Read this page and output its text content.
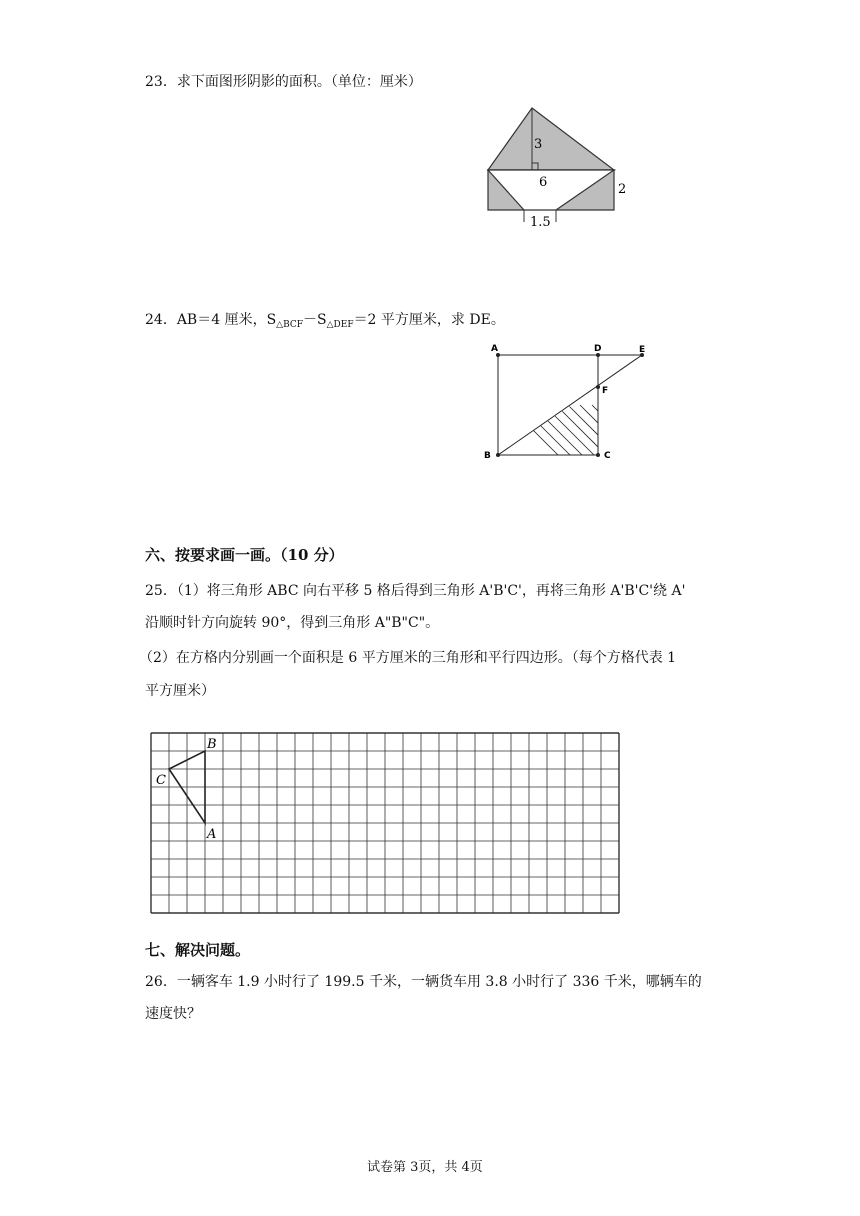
23．求下面图形阴影的面积。（单位：厘米）
3
6	2
1.5
24．AB＝4 厘米，$S_{\triangle BCF}-S_{\triangle DEF}=2$ 平方厘米，求 DE。
A	D	E
F
B	C
六、按要求画一画。（10 分）
25．（1）将三角形 ABC 向右平移 5 格后得到三角形 A'B'C'，再将三角形 A'B'C'绕 A'
沿顺时针方向旋转 90°，得到三角形 A"B"C"。
（2）在方格内分别画一个面积是 6 平方厘米的三角形和平行四边形。（每个方格代表 1
平方厘米）
B
C
A
七、解决问题。
26．一辆客车 1.9 小时行了 199.5 千米，一辆货车用 3.8 小时行了 336 千米，哪辆车的
速度快？
试卷第 3页，共 4页
